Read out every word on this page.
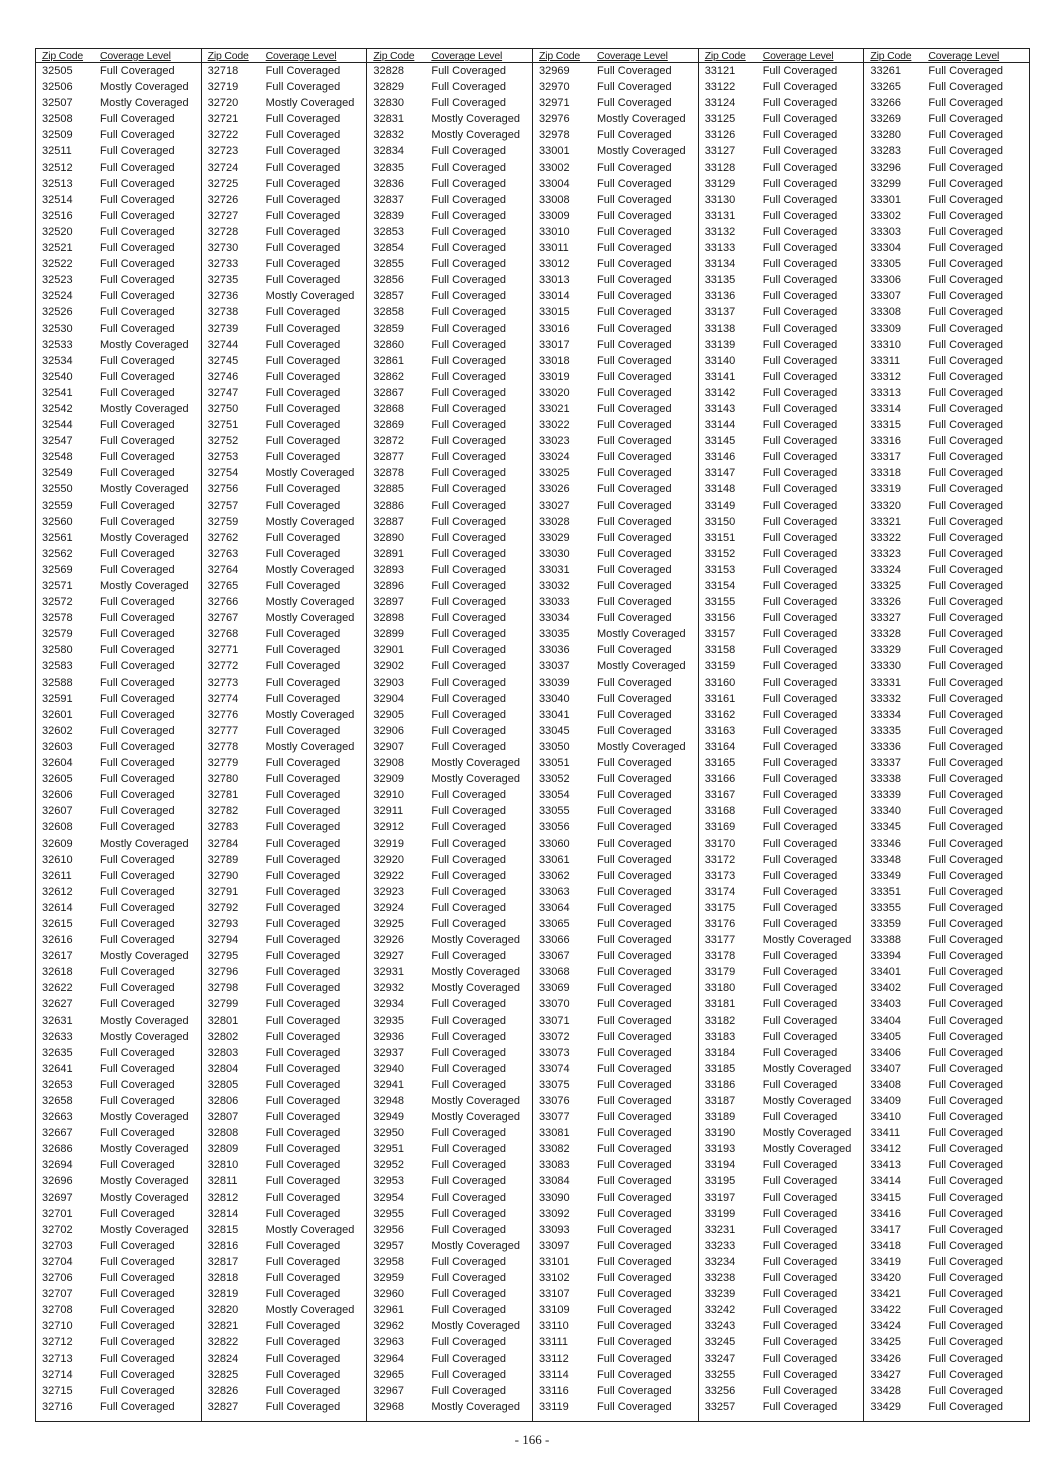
Zip Code	Coverage Level
32505	Full Coveraged
32506	Mostly Coveraged
32507	Mostly Coveraged
32508	Full Coveraged
32509	Full Coveraged
32511	Full Coveraged
32512	Full Coveraged
32513	Full Coveraged
32514	Full Coveraged
32516	Full Coveraged
32520	Full Coveraged
32521	Full Coveraged
32522	Full Coveraged
32523	Full Coveraged
32524	Full Coveraged
32526	Full Coveraged
32530	Full Coveraged
32533	Mostly Coveraged
32534	Full Coveraged
32540	Full Coveraged
32541	Full Coveraged
32542	Mostly Coveraged
32544	Full Coveraged
32547	Full Coveraged
32548	Full Coveraged
32549	Full Coveraged
32550	Mostly Coveraged
32559	Full Coveraged
32560	Full Coveraged
32561	Mostly Coveraged
32562	Full Coveraged
32569	Full Coveraged
32571	Mostly Coveraged
32572	Full Coveraged
32578	Full Coveraged
32579	Full Coveraged
32580	Full Coveraged
32583	Full Coveraged
32588	Full Coveraged
32591	Full Coveraged
32601	Full Coveraged
32602	Full Coveraged
32603	Full Coveraged
32604	Full Coveraged
32605	Full Coveraged
32606	Full Coveraged
32607	Full Coveraged
32608	Full Coveraged
32609	Mostly Coveraged
32610	Full Coveraged
32611	Full Coveraged
32612	Full Coveraged
32614	Full Coveraged
32615	Full Coveraged
32616	Full Coveraged
32617	Mostly Coveraged
32618	Full Coveraged
32622	Full Coveraged
32627	Full Coveraged
32631	Mostly Coveraged
32633	Mostly Coveraged
32635	Full Coveraged
32641	Full Coveraged
32653	Full Coveraged
32658	Full Coveraged
32663	Mostly Coveraged
32667	Full Coveraged
32686	Mostly Coveraged
32694	Full Coveraged
32696	Mostly Coveraged
32697	Mostly Coveraged
32701	Full Coveraged
32702	Mostly Coveraged
32703	Full Coveraged
32704	Full Coveraged
32706	Full Coveraged
32707	Full Coveraged
32708	Full Coveraged
32710	Full Coveraged
32712	Full Coveraged
32713	Full Coveraged
32714	Full Coveraged
32715	Full Coveraged
32716	Full Coveraged
Zip Code	Coverage Level
32718	Full Coveraged
32719	Full Coveraged
32720	Mostly Coveraged
32721	Full Coveraged
32722	Full Coveraged
32723	Full Coveraged
32724	Full Coveraged
32725	Full Coveraged
32726	Full Coveraged
32727	Full Coveraged
32728	Full Coveraged
32730	Full Coveraged
32733	Full Coveraged
32735	Full Coveraged
32736	Mostly Coveraged
32738	Full Coveraged
32739	Full Coveraged
32744	Full Coveraged
32745	Full Coveraged
32746	Full Coveraged
32747	Full Coveraged
32750	Full Coveraged
32751	Full Coveraged
32752	Full Coveraged
32753	Full Coveraged
32754	Mostly Coveraged
32756	Full Coveraged
32757	Full Coveraged
32759	Mostly Coveraged
32762	Full Coveraged
32763	Full Coveraged
32764	Mostly Coveraged
32765	Full Coveraged
32766	Mostly Coveraged
32767	Mostly Coveraged
32768	Full Coveraged
32771	Full Coveraged
32772	Full Coveraged
32773	Full Coveraged
32774	Full Coveraged
32776	Mostly Coveraged
32777	Full Coveraged
32778	Mostly Coveraged
32779	Full Coveraged
32780	Full Coveraged
32781	Full Coveraged
32782	Full Coveraged
32783	Full Coveraged
32784	Full Coveraged
32789	Full Coveraged
32790	Full Coveraged
32791	Full Coveraged
32792	Full Coveraged
32793	Full Coveraged
32794	Full Coveraged
32795	Full Coveraged
32796	Full Coveraged
32798	Full Coveraged
32799	Full Coveraged
32801	Full Coveraged
32802	Full Coveraged
32803	Full Coveraged
32804	Full Coveraged
32805	Full Coveraged
32806	Full Coveraged
32807	Full Coveraged
32808	Full Coveraged
32809	Full Coveraged
32810	Full Coveraged
32811	Full Coveraged
32812	Full Coveraged
32814	Full Coveraged
32815	Mostly Coveraged
32816	Full Coveraged
32817	Full Coveraged
32818	Full Coveraged
32819	Full Coveraged
32820	Mostly Coveraged
32821	Full Coveraged
32822	Full Coveraged
32824	Full Coveraged
32825	Full Coveraged
32826	Full Coveraged
32827	Full Coveraged
Zip Code	Coverage Level
32828	Full Coveraged
32829	Full Coveraged
32830	Full Coveraged
32831	Mostly Coveraged
32832	Mostly Coveraged
32834	Full Coveraged
32835	Full Coveraged
32836	Full Coveraged
32837	Full Coveraged
32839	Full Coveraged
32853	Full Coveraged
32854	Full Coveraged
32855	Full Coveraged
32856	Full Coveraged
32857	Full Coveraged
32858	Full Coveraged
32859	Full Coveraged
32860	Full Coveraged
32861	Full Coveraged
32862	Full Coveraged
32867	Full Coveraged
32868	Full Coveraged
32869	Full Coveraged
32872	Full Coveraged
32877	Full Coveraged
32878	Full Coveraged
32885	Full Coveraged
32886	Full Coveraged
32887	Full Coveraged
32890	Full Coveraged
32891	Full Coveraged
32893	Full Coveraged
32896	Full Coveraged
32897	Full Coveraged
32898	Full Coveraged
32899	Full Coveraged
32901	Full Coveraged
32902	Full Coveraged
32903	Full Coveraged
32904	Full Coveraged
32905	Full Coveraged
32906	Full Coveraged
32907	Full Coveraged
32908	Mostly Coveraged
32909	Mostly Coveraged
32910	Full Coveraged
32911	Full Coveraged
32912	Full Coveraged
32919	Full Coveraged
32920	Full Coveraged
32922	Full Coveraged
32923	Full Coveraged
32924	Full Coveraged
32925	Full Coveraged
32926	Mostly Coveraged
32927	Full Coveraged
32931	Mostly Coveraged
32932	Mostly Coveraged
32934	Full Coveraged
32935	Full Coveraged
32936	Full Coveraged
32937	Full Coveraged
32940	Full Coveraged
32941	Full Coveraged
32948	Mostly Coveraged
32949	Mostly Coveraged
32950	Full Coveraged
32951	Full Coveraged
32952	Full Coveraged
32953	Full Coveraged
32954	Full Coveraged
32955	Full Coveraged
32956	Full Coveraged
32957	Mostly Coveraged
32958	Full Coveraged
32959	Full Coveraged
32960	Full Coveraged
32961	Full Coveraged
32962	Mostly Coveraged
32963	Full Coveraged
32964	Full Coveraged
32965	Full Coveraged
32967	Full Coveraged
32968	Mostly Coveraged
Zip Code	Coverage Level
32969	Full Coveraged
32970	Full Coveraged
32971	Full Coveraged
32976	Mostly Coveraged
32978	Full Coveraged
33001	Mostly Coveraged
33002	Full Coveraged
33004	Full Coveraged
33008	Full Coveraged
33009	Full Coveraged
33010	Full Coveraged
33011	Full Coveraged
33012	Full Coveraged
33013	Full Coveraged
33014	Full Coveraged
33015	Full Coveraged
33016	Full Coveraged
33017	Full Coveraged
33018	Full Coveraged
33019	Full Coveraged
33020	Full Coveraged
33021	Full Coveraged
33022	Full Coveraged
33023	Full Coveraged
33024	Full Coveraged
33025	Full Coveraged
33026	Full Coveraged
33027	Full Coveraged
33028	Full Coveraged
33029	Full Coveraged
33030	Full Coveraged
33031	Full Coveraged
33032	Full Coveraged
33033	Full Coveraged
33034	Full Coveraged
33035	Mostly Coveraged
33036	Full Coveraged
33037	Mostly Coveraged
33039	Full Coveraged
33040	Full Coveraged
33041	Full Coveraged
33045	Full Coveraged
33050	Mostly Coveraged
33051	Full Coveraged
33052	Full Coveraged
33054	Full Coveraged
33055	Full Coveraged
33056	Full Coveraged
33060	Full Coveraged
33061	Full Coveraged
33062	Full Coveraged
33063	Full Coveraged
33064	Full Coveraged
33065	Full Coveraged
33066	Full Coveraged
33067	Full Coveraged
33068	Full Coveraged
33069	Full Coveraged
33070	Full Coveraged
33071	Full Coveraged
33072	Full Coveraged
33073	Full Coveraged
33074	Full Coveraged
33075	Full Coveraged
33076	Full Coveraged
33077	Full Coveraged
33081	Full Coveraged
33082	Full Coveraged
33083	Full Coveraged
33084	Full Coveraged
33090	Full Coveraged
33092	Full Coveraged
33093	Full Coveraged
33097	Full Coveraged
33101	Full Coveraged
33102	Full Coveraged
33107	Full Coveraged
33109	Full Coveraged
33110	Full Coveraged
33111	Full Coveraged
33112	Full Coveraged
33114	Full Coveraged
33116	Full Coveraged
33119	Full Coveraged
Zip Code	Coverage Level
33121	Full Coveraged
33122	Full Coveraged
33124	Full Coveraged
33125	Full Coveraged
33126	Full Coveraged
33127	Full Coveraged
33128	Full Coveraged
33129	Full Coveraged
33130	Full Coveraged
33131	Full Coveraged
33132	Full Coveraged
33133	Full Coveraged
33134	Full Coveraged
33135	Full Coveraged
33136	Full Coveraged
33137	Full Coveraged
33138	Full Coveraged
33139	Full Coveraged
33140	Full Coveraged
33141	Full Coveraged
33142	Full Coveraged
33143	Full Coveraged
33144	Full Coveraged
33145	Full Coveraged
33146	Full Coveraged
33147	Full Coveraged
33148	Full Coveraged
33149	Full Coveraged
33150	Full Coveraged
33151	Full Coveraged
33152	Full Coveraged
33153	Full Coveraged
33154	Full Coveraged
33155	Full Coveraged
33156	Full Coveraged
33157	Full Coveraged
33158	Full Coveraged
33159	Full Coveraged
33160	Full Coveraged
33161	Full Coveraged
33162	Full Coveraged
33163	Full Coveraged
33164	Full Coveraged
33165	Full Coveraged
33166	Full Coveraged
33167	Full Coveraged
33168	Full Coveraged
33169	Full Coveraged
33170	Full Coveraged
33172	Full Coveraged
33173	Full Coveraged
33174	Full Coveraged
33175	Full Coveraged
33176	Full Coveraged
33177	Mostly Coveraged
33178	Full Coveraged
33179	Full Coveraged
33180	Full Coveraged
33181	Full Coveraged
33182	Full Coveraged
33183	Full Coveraged
33184	Full Coveraged
33185	Mostly Coveraged
33186	Full Coveraged
33187	Mostly Coveraged
33189	Full Coveraged
33190	Mostly Coveraged
33193	Mostly Coveraged
33194	Full Coveraged
33195	Full Coveraged
33197	Full Coveraged
33199	Full Coveraged
33231	Full Coveraged
33233	Full Coveraged
33234	Full Coveraged
33238	Full Coveraged
33239	Full Coveraged
33242	Full Coveraged
33243	Full Coveraged
33245	Full Coveraged
33247	Full Coveraged
33255	Full Coveraged
33256	Full Coveraged
33257	Full Coveraged
Zip Code	Coverage Level
33261	Full Coveraged
33265	Full Coveraged
33266	Full Coveraged
33269	Full Coveraged
33280	Full Coveraged
33283	Full Coveraged
33296	Full Coveraged
33299	Full Coveraged
33301	Full Coveraged
33302	Full Coveraged
33303	Full Coveraged
33304	Full Coveraged
33305	Full Coveraged
33306	Full Coveraged
33307	Full Coveraged
33308	Full Coveraged
33309	Full Coveraged
33310	Full Coveraged
33311	Full Coveraged
33312	Full Coveraged
33313	Full Coveraged
33314	Full Coveraged
33315	Full Coveraged
33316	Full Coveraged
33317	Full Coveraged
33318	Full Coveraged
33319	Full Coveraged
33320	Full Coveraged
33321	Full Coveraged
33322	Full Coveraged
33323	Full Coveraged
33324	Full Coveraged
33325	Full Coveraged
33326	Full Coveraged
33327	Full Coveraged
33328	Full Coveraged
33329	Full Coveraged
33330	Full Coveraged
33331	Full Coveraged
33332	Full Coveraged
33334	Full Coveraged
33335	Full Coveraged
33336	Full Coveraged
33337	Full Coveraged
33338	Full Coveraged
33339	Full Coveraged
33340	Full Coveraged
33345	Full Coveraged
33346	Full Coveraged
33348	Full Coveraged
33349	Full Coveraged
33351	Full Coveraged
33355	Full Coveraged
33359	Full Coveraged
33388	Full Coveraged
33394	Full Coveraged
33401	Full Coveraged
33402	Full Coveraged
33403	Full Coveraged
33404	Full Coveraged
33405	Full Coveraged
33406	Full Coveraged
33407	Full Coveraged
33408	Full Coveraged
33409	Full Coveraged
33410	Full Coveraged
33411	Full Coveraged
33412	Full Coveraged
33413	Full Coveraged
33414	Full Coveraged
33415	Full Coveraged
33416	Full Coveraged
33417	Full Coveraged
33418	Full Coveraged
33419	Full Coveraged
33420	Full Coveraged
33421	Full Coveraged
33422	Full Coveraged
33424	Full Coveraged
33425	Full Coveraged
33426	Full Coveraged
33427	Full Coveraged
33428	Full Coveraged
33429	Full Coveraged
- 166 -
